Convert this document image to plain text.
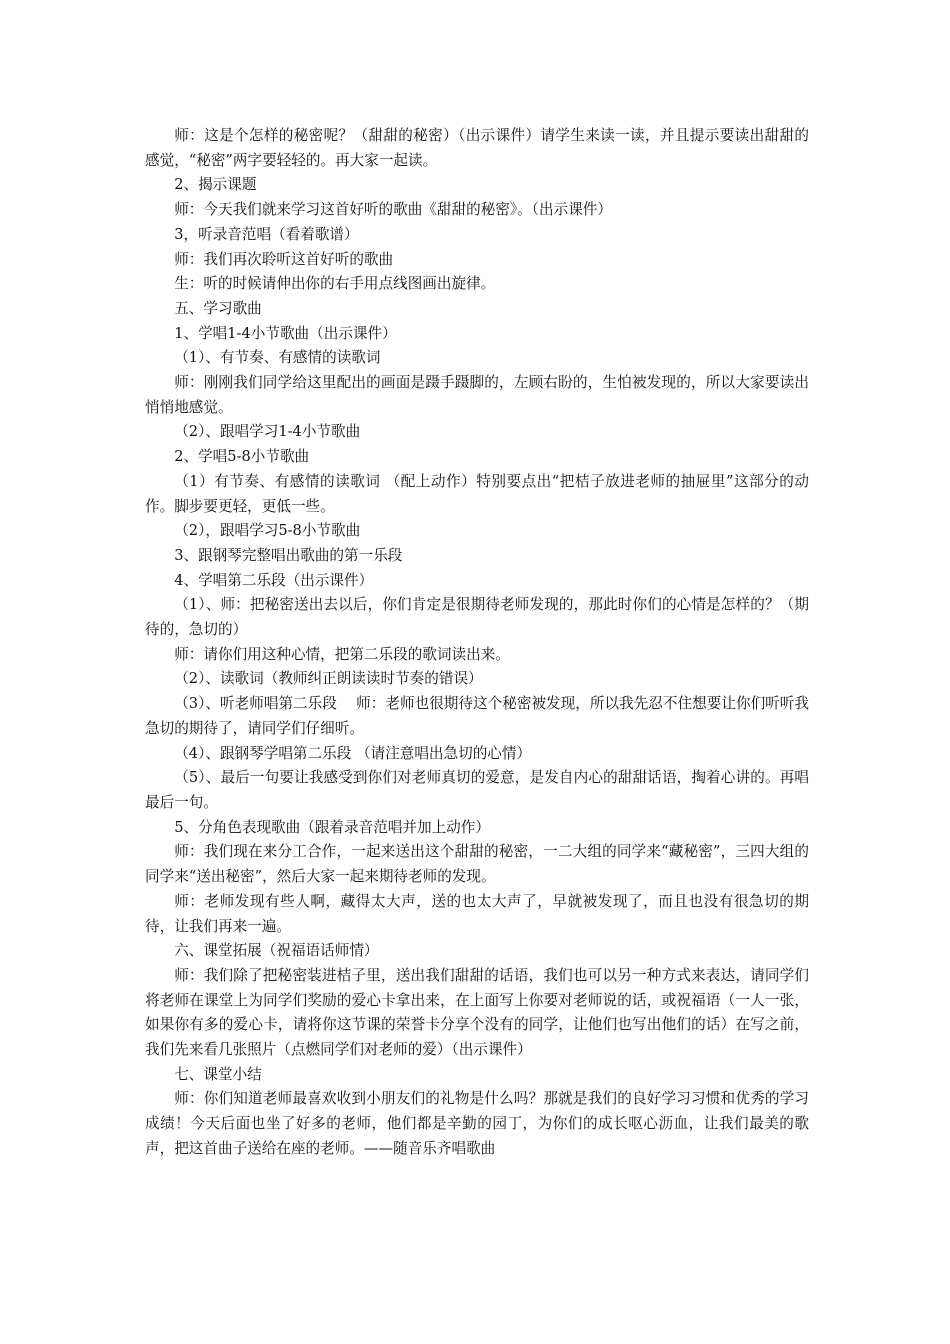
师：这是个怎样的秘密呢？（甜甜的秘密）（出示课件）请学生来读一读，并且提示要读出甜甜的感觉，“秘密”两字要轻轻的。再大家一起读。

2、揭示课题

师：今天我们就来学习这首好听的歌曲《甜甜的秘密》。（出示课件）

3，听录音范唱（看着歌谱）

师：我们再次聆听这首好听的歌曲

生：听的时候请伸出你的右手用点线图画出旋律。

五、学习歌曲

1、学唱1-4小节歌曲（出示课件）

（1）、有节奏、有感情的读歌词

师：刚刚我们同学给这里配出的画面是蹑手蹑脚的，左顾右盼的，生怕被发现的，所以大家要读出悄悄地感觉。

（2）、跟唱学习1-4小节歌曲

2、学唱5-8小节歌曲

（1）有节奏、有感情的读歌词 （配上动作）特别要点出“把桔子放进老师的抽屉里”这部分的动作。脚步要更轻，更低一些。

（2），跟唱学习5-8小节歌曲

3、跟钢琴完整唱出歌曲的第一乐段

4、学唱第二乐段（出示课件）

（1）、师：把秘密送出去以后，你们肯定是很期待老师发现的，那此时你们的心情是怎样的？（期待的，急切的）

师：请你们用这种心情，把第二乐段的歌词读出来。

（2）、读歌词（教师纠正朗读读时节奏的错误）

（3）、听老师唱第二乐段　 师：老师也很期待这个秘密被发现，所以我先忍不住想要让你们听听我急切的期待了，请同学们仔细听。

（4）、跟钢琴学唱第二乐段 （请注意唱出急切的心情）

（5）、最后一句要让我感受到你们对老师真切的爱意，是发自内心的甜甜话语，掏着心讲的。再唱最后一句。

5、分角色表现歌曲（跟着录音范唱并加上动作）

师：我们现在来分工合作，一起来送出这个甜甜的秘密，一二大组的同学来“藏秘密”，三四大组的同学来“送出秘密”，然后大家一起来期待老师的发现。

师：老师发现有些人啊，藏得太大声，送的也太大声了，早就被发现了，而且也没有很急切的期待，让我们再来一遍。

六、课堂拓展（祝福语话师情）

师：我们除了把秘密装进桔子里，送出我们甜甜的话语，我们也可以另一种方式来表达，请同学们将老师在课堂上为同学们奖励的爱心卡拿出来，在上面写上你要对老师说的话，或祝福语（一人一张，如果你有多的爱心卡，请将你这节课的荣誉卡分享个没有的同学，让他们也写出他们的话）在写之前，我们先来看几张照片（点燃同学们对老师的爱）（出示课件）

七、课堂小结

师：你们知道老师最喜欢收到小朋友们的礼物是什么吗？那就是我们的良好学习习惯和优秀的学习成绩！今天后面也坐了好多的老师，他们都是辛勤的园丁，为你们的成长呕心沥血，让我们最美的歌声，把这首曲子送给在座的老师。——随音乐齐唱歌曲
